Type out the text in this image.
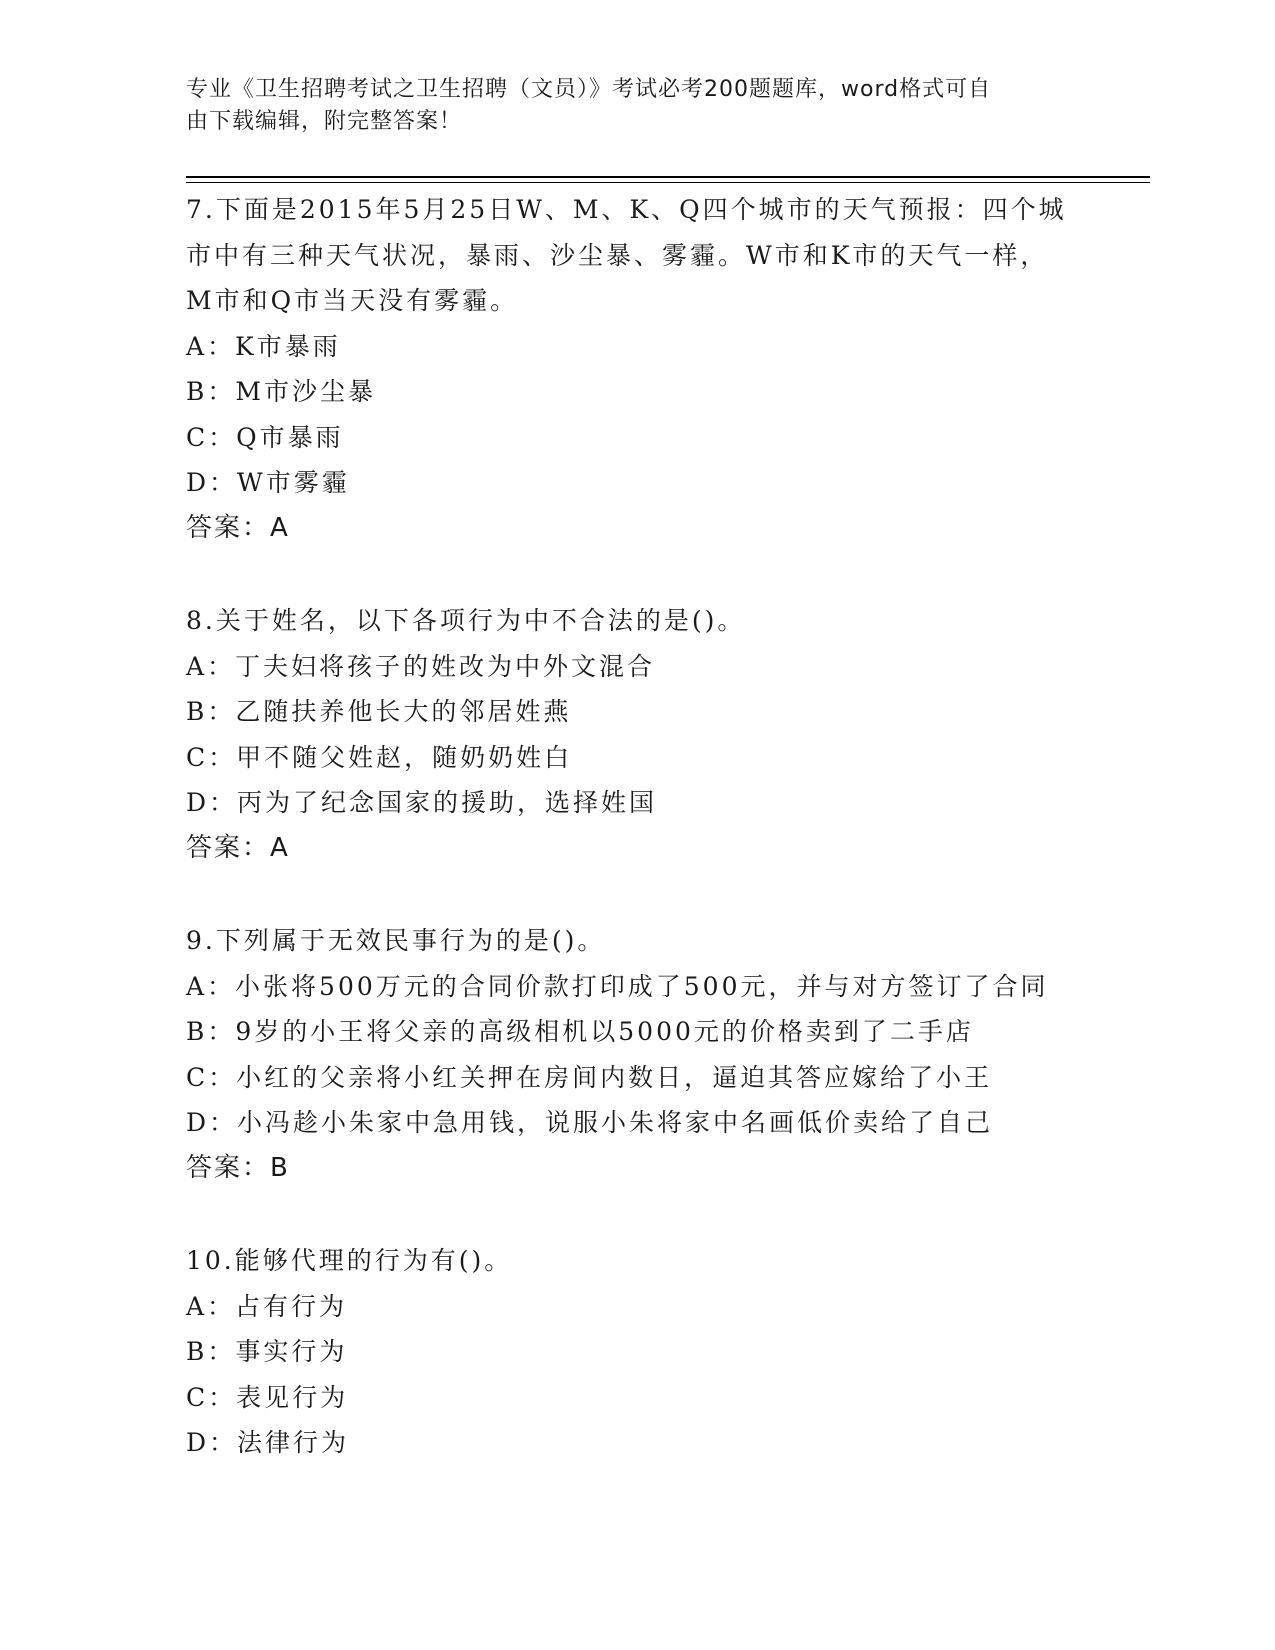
专业《卫生招聘考试之卫生招聘（文员）》考试必考200题题库，word格式可自
由下载编辑，附完整答案！

7.下面是2015年5月25日W、M、K、Q四个城市的天气预报：四个城

市中有三种天气状况，暴雨、沙尘暴、雾霾。W市和K市的天气一样，

M市和Q市当天没有雾霾。

A：K市暴雨

B：M市沙尘暴

C：Q市暴雨

D：W市雾霾

答案：A

8.关于姓名，以下各项行为中不合法的是()。

A：丁夫妇将孩子的姓改为中外文混合

B：乙随扶养他长大的邻居姓燕

C：甲不随父姓赵，随奶奶姓白

D：丙为了纪念国家的援助，选择姓国

答案：A

9.下列属于无效民事行为的是()。

A：小张将500万元的合同价款打印成了500元，并与对方签订了合同

B：9岁的小王将父亲的高级相机以5000元的价格卖到了二手店

C：小红的父亲将小红关押在房间内数日，逼迫其答应嫁给了小王

D：小冯趁小朱家中急用钱，说服小朱将家中名画低价卖给了自己

答案：B

10.能够代理的行为有()。

A：占有行为

B：事实行为

C：表见行为

D：法律行为
